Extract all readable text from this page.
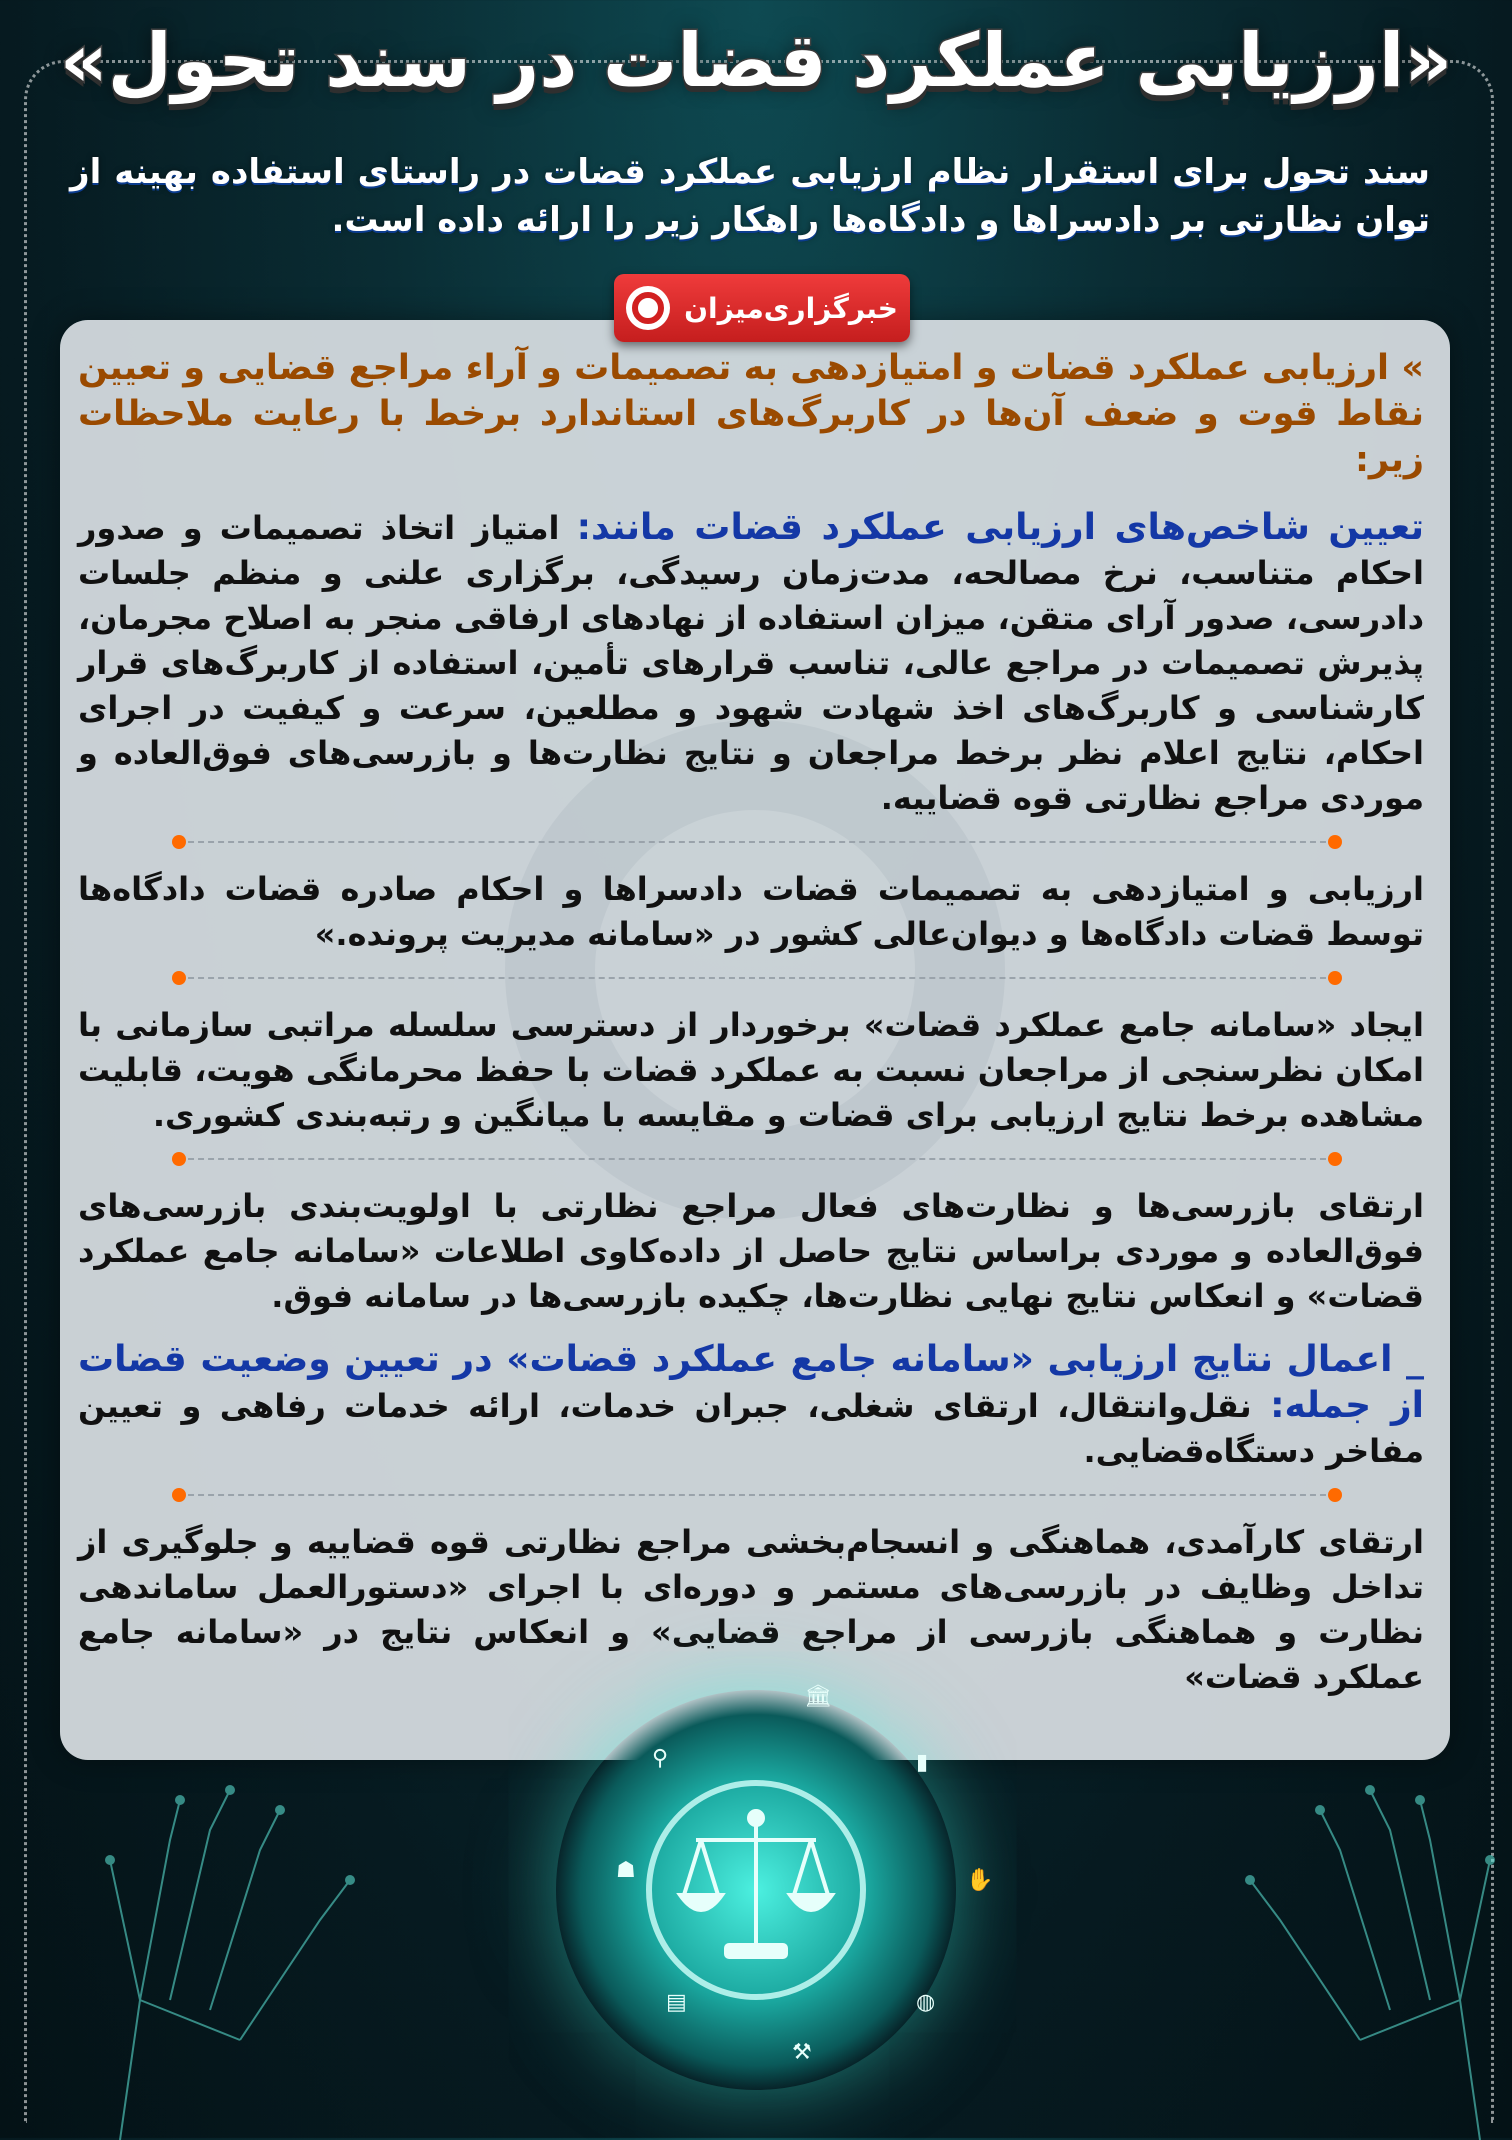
«ارزیابی عملکرد قضات در سند تحول»
سند تحول برای استقرار نظام ارزیابی عملکرد قضات در راستای استفاده بهینه از توان نظارتی بر دادسراها و دادگاه‌ها راهکار زیر را ارائه داده است.
خبرگزاری‌میزان

» ارزیابی عملکرد قضات و امتیازدهی به تصمیمات و آراء مراجع قضایی و تعیین نقاط قوت و ضعف آن‌ها در کاربرگ‌های استاندارد برخط با رعایت ملاحظات زیر:

تعیین شاخص‌های ارزیابی عملکرد قضات مانند: امتیاز اتخاذ تصمیمات و صدور احکام متناسب، نرخ مصالحه، مدت‌زمان رسیدگی، برگزاری علنی و منظم جلسات دادرسی، صدور آرای متقن، میزان استفاده از نهادهای ارفاقی منجر به اصلاح مجرمان، پذیرش تصمیمات در مراجع عالی، تناسب قرارهای تأمین، استفاده از کاربرگ‌های قرار کارشناسی و کاربرگ‌های اخذ شهادت شهود و مطلعین، سرعت و کیفیت در اجرای احکام، نتایج اعلام نظر برخط مراجعان و نتایج نظارت‌ها و بازرسی‌های فوق‌العاده و موردی مراجع نظارتی قوه قضاییه.

ارزیابی و امتیازدهی به تصمیمات قضات دادسراها و احکام صادره قضات دادگاه‌ها توسط قضات دادگاه‌ها و دیوان‌عالی کشور در «سامانه مدیریت پرونده.»

ایجاد «سامانه جامع عملکرد قضات» برخوردار از دسترسی سلسله مراتبی سازمانی با امکان نظرسنجی از مراجعان نسبت به عملکرد قضات با حفظ محرمانگی هویت، قابلیت مشاهده برخط نتایج ارزیابی برای قضات و مقایسه با میانگین و رتبه‌بندی کشوری.

ارتقای بازرسی‌ها و نظارت‌های فعال مراجع نظارتی با اولویت‌بندی بازرسی‌های فوق‌العاده و موردی براساس نتایج حاصل از داده‌کاوی اطلاعات «سامانه جامع عملکرد قضات» و انعکاس نتایج نهایی نظارت‌ها، چکیده بازرسی‌ها در سامانه فوق.

_ اعمال نتایج ارزیابی «سامانه جامع عملکرد قضات» در تعیین وضعیت قضات از جمله: نقل‌وانتقال، ارتقای شغلی، جبران خدمات، ارائه خدمات رفاهی و تعیین مفاخر دستگاه‌قضایی.

ارتقای کارآمدی، هماهنگی و انسجام‌بخشی مراجع نظارتی قوه قضاییه و جلوگیری از تداخل وظایف در بازرسی‌های مستمر و دوره‌ای با اجرای «دستورالعمل ساماندهی نظارت و هماهنگی بازرسی از مراجع قضایی» و انعکاس نتایج در «سامانه جامع عملکرد قضات»

🏛
▮
⚲
☗	✋
▤	◍
⚒
